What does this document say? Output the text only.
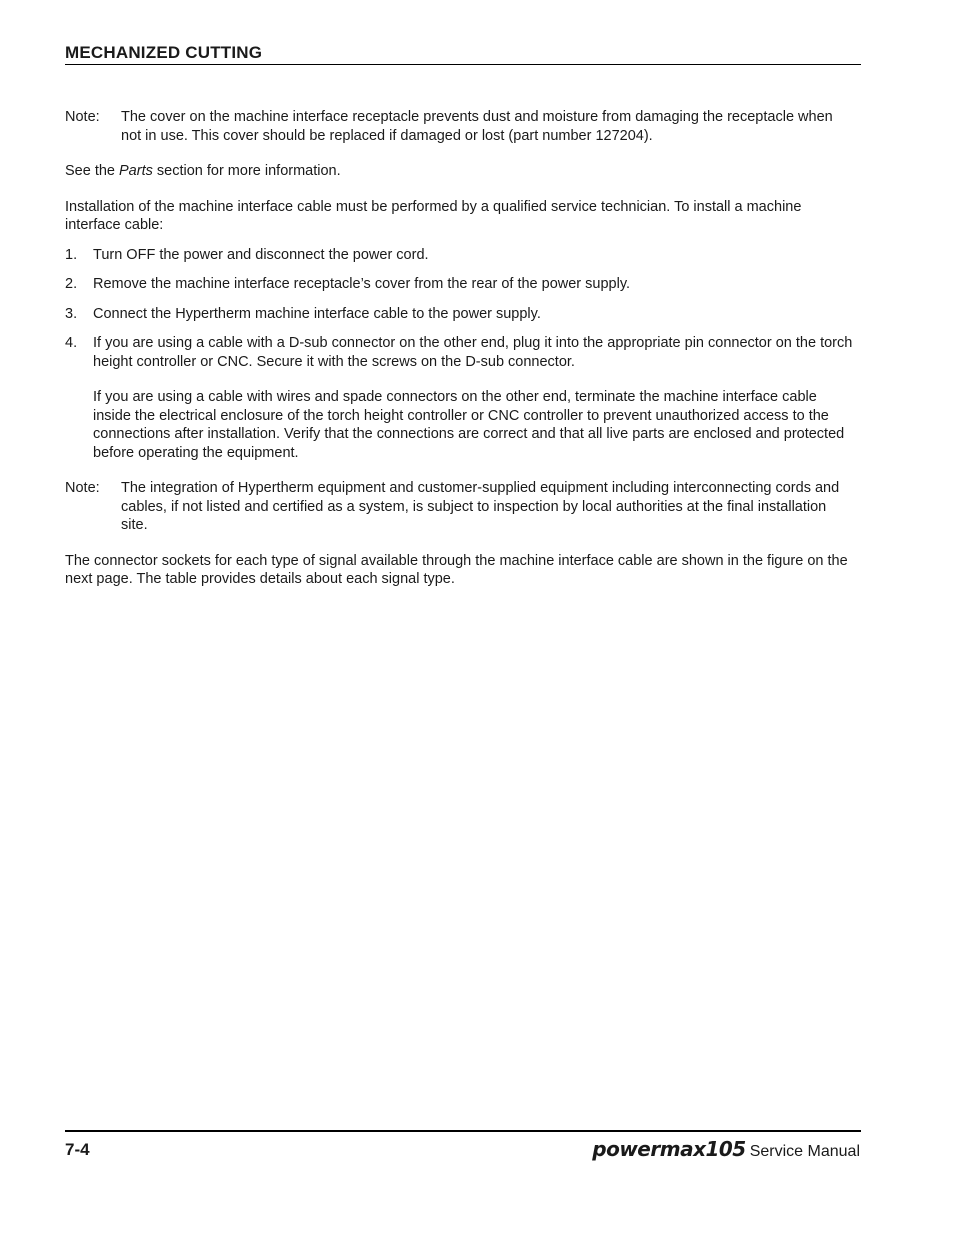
MECHANIZED CUTTING
Note:	The cover on the machine interface receptacle prevents dust and moisture from damaging the receptacle when not in use. This cover should be replaced if damaged or lost (part number 127204).

See the Parts section for more information.

Installation of the machine interface cable must be performed by a qualified service technician. To install a machine interface cable:

1.	Turn OFF the power and disconnect the power cord.
2.	Remove the machine interface receptacle’s cover from the rear of the power supply.
3.	Connect the Hypertherm machine interface cable to the power supply.
4.	If you are using a cable with a D-sub connector on the other end, plug it into the appropriate pin connector on the torch height controller or CNC. Secure it with the screws on the D-sub connector.

If you are using a cable with wires and spade connectors on the other end, terminate the machine interface cable inside the electrical enclosure of the torch height controller or CNC controller to prevent unauthorized access to the connections after installation. Verify that the connections are correct and that all live parts are enclosed and protected before operating the equipment.

Note:	The integration of Hypertherm equipment and customer-supplied equipment including interconnecting cords and cables, if not listed and certified as a system, is subject to inspection by local authorities at the final installation site.

The connector sockets for each type of signal available through the machine interface cable are shown in the figure on the next page. The table provides details about each signal type.

7-4	powermax105 Service Manual
